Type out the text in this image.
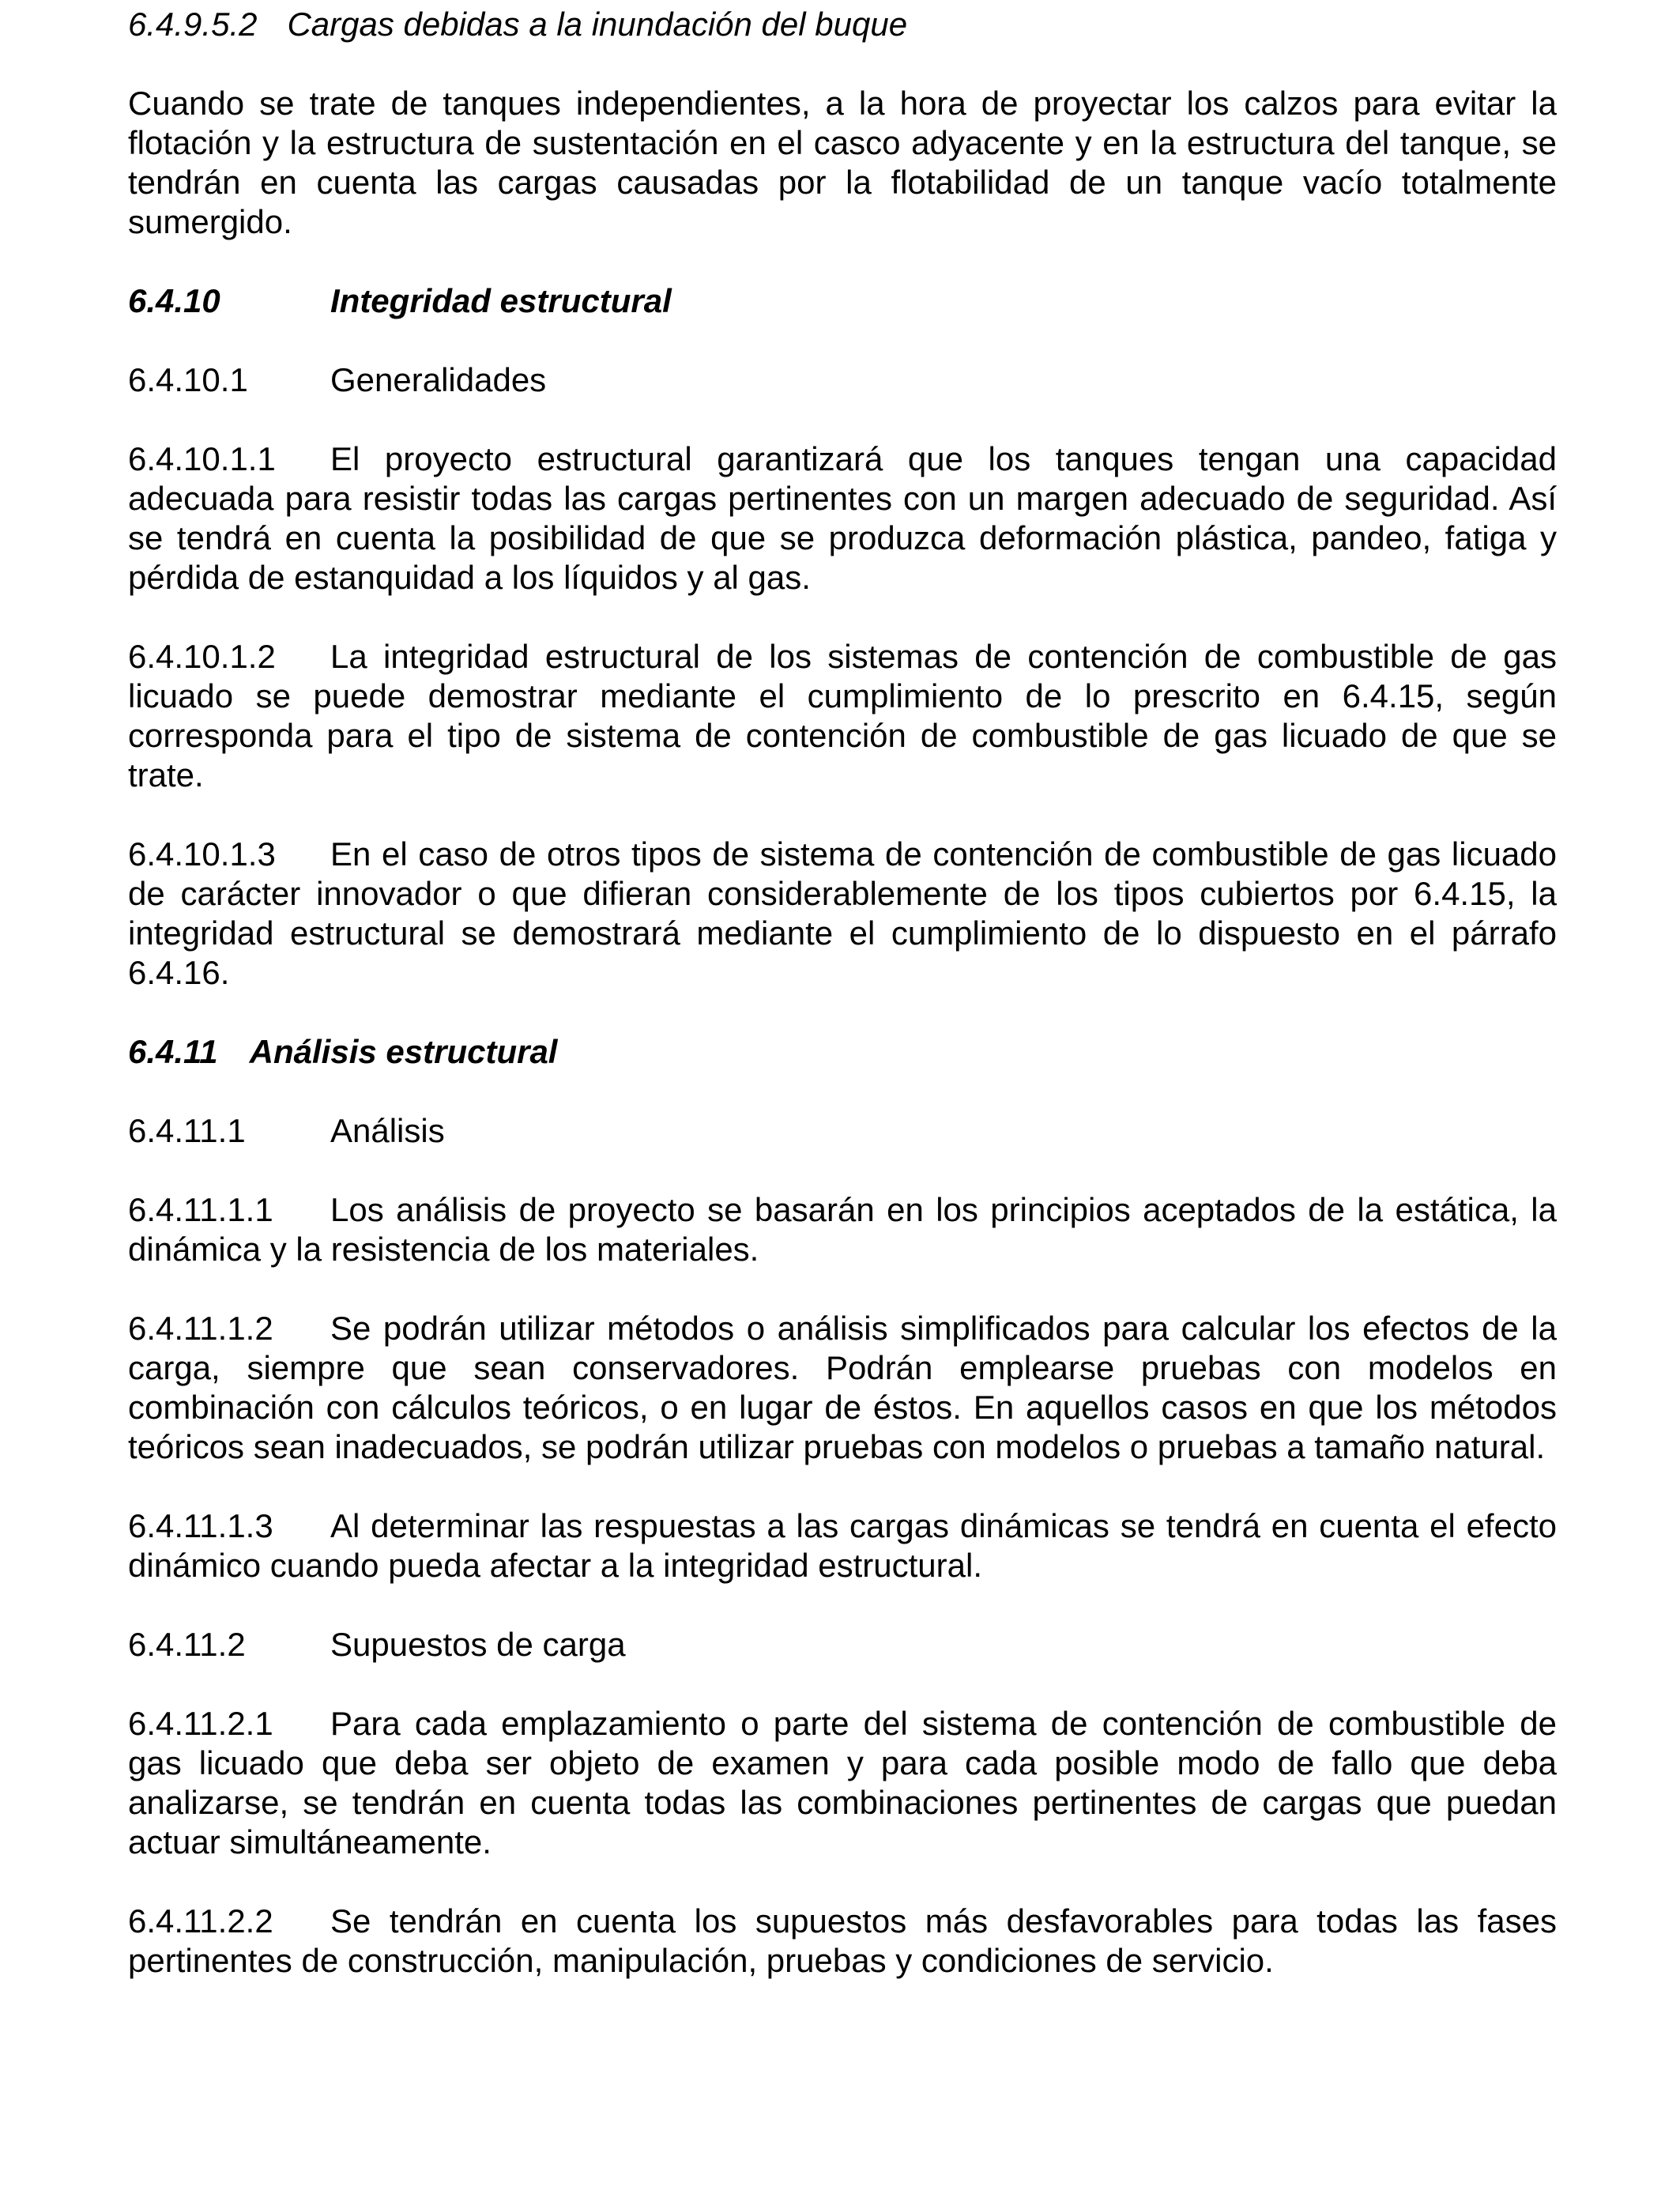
6.4.9.5.2 Cargas debidas a la inundación del buque

Cuando se trate de tanques independientes, a la hora de proyectar los calzos para evitar la flotación y la estructura de sustentación en el casco adyacente y en la estructura del tanque, se tendrán en cuenta las cargas causadas por la flotabilidad de un tanque vacío totalmente sumergido.

6.4.10	Integridad estructural

6.4.10.1 Generalidades

6.4.10.1.1 El proyecto estructural garantizará que los tanques tengan una capacidad adecuada para resistir todas las cargas pertinentes con un margen adecuado de seguridad. Así se tendrá en cuenta la posibilidad de que se produzca deformación plástica, pandeo, fatiga y pérdida de estanquidad a los líquidos y al gas.

6.4.10.1.2 La integridad estructural de los sistemas de contención de combustible de gas licuado se puede demostrar mediante el cumplimiento de lo prescrito en 6.4.15, según corresponda para el tipo de sistema de contención de combustible de gas licuado de que se trate.

6.4.10.1.3 En el caso de otros tipos de sistema de contención de combustible de gas licuado de carácter innovador o que difieran considerablemente de los tipos cubiertos por 6.4.15, la integridad estructural se demostrará mediante el cumplimiento de lo dispuesto en el párrafo 6.4.16.

6.4.11 Análisis estructural

6.4.11.1	Análisis

6.4.11.1.1 Los análisis de proyecto se basarán en los principios aceptados de la estática, la dinámica y la resistencia de los materiales.

6.4.11.1.2 Se podrán utilizar métodos o análisis simplificados para calcular los efectos de la carga, siempre que sean conservadores. Podrán emplearse pruebas con modelos en combinación con cálculos teóricos, o en lugar de éstos. En aquellos casos en que los métodos teóricos sean inadecuados, se podrán utilizar pruebas con modelos o pruebas a tamaño natural.

6.4.11.1.3 Al determinar las respuestas a las cargas dinámicas se tendrá en cuenta el efecto dinámico cuando pueda afectar a la integridad estructural.

6.4.11.2	Supuestos de carga

6.4.11.2.1 Para cada emplazamiento o parte del sistema de contención de combustible de gas licuado que deba ser objeto de examen y para cada posible modo de fallo que deba analizarse, se tendrán en cuenta todas las combinaciones pertinentes de cargas que puedan actuar simultáneamente.

6.4.11.2.2 Se tendrán en cuenta los supuestos más desfavorables para todas las fases pertinentes de construcción, manipulación, pruebas y condiciones de servicio.
